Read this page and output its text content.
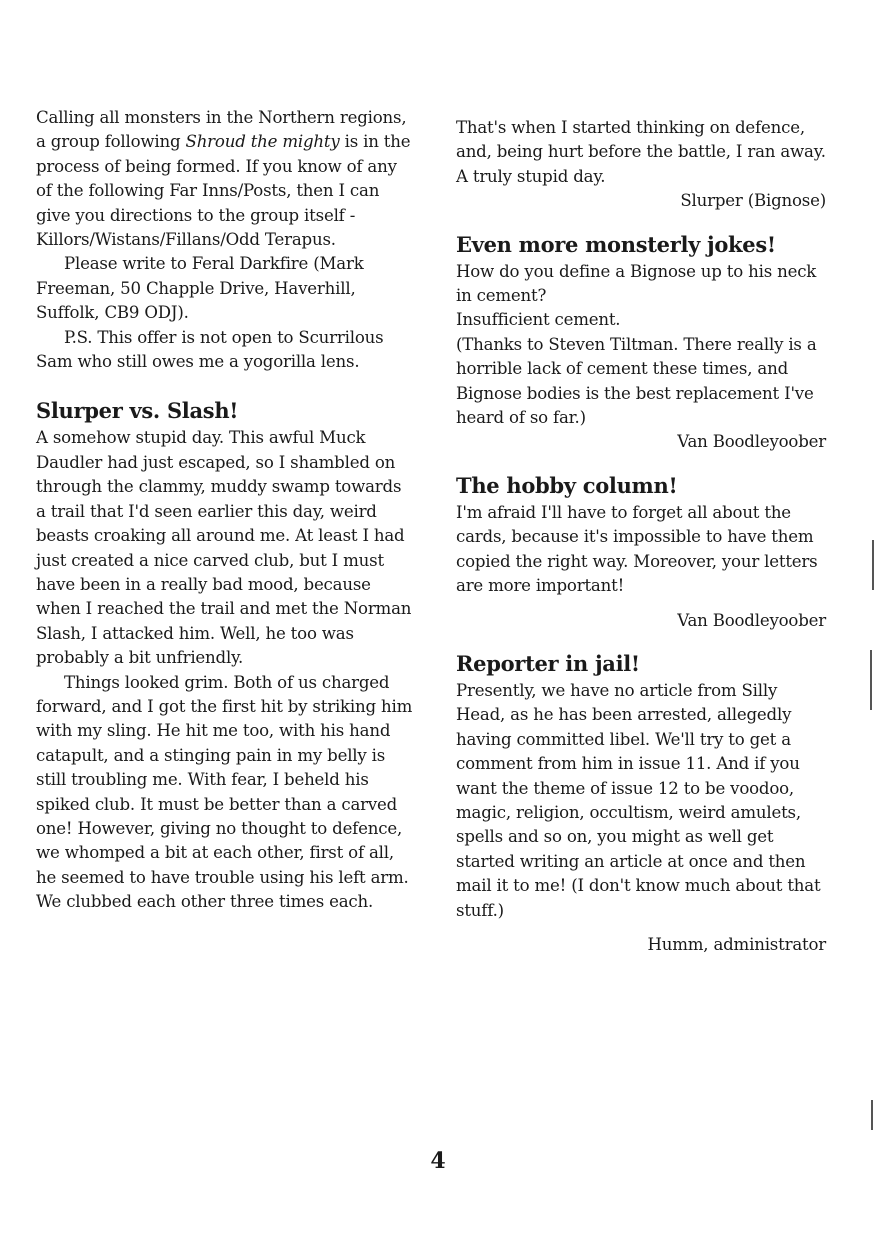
Calling all monsters in the Northern regions, a group following Shroud the mighty is in the process of being formed. If you know of any of the following Far Inns/Posts, then I can give you directions to the group itself - Killors/Wistans/Fillans/Odd Terapus.

Please write to Feral Darkfire (Mark Freeman, 50 Chapple Drive, Haverhill, Suffolk, CB9 ODJ).

P.S. This offer is not open to Scurrilous Sam who still owes me a yogorilla lens.

Slurper vs. Slash!

A somehow stupid day. This awful Muck Daudler had just escaped, so I shambled on through the clammy, muddy swamp towards a trail that I'd seen earlier this day, weird beasts croaking all around me. At least I had just created a nice carved club, but I must have been in a really bad mood, because when I reached the trail and met the Norman Slash, I attacked him. Well, he too was probably a bit unfriendly.

Things looked grim. Both of us charged forward, and I got the first hit by striking him with my sling. He hit me too, with his hand catapult, and a stinging pain in my belly is still troubling me. With fear, I beheld his spiked club. It must be better than a carved one! However, giving no thought to defence, we whomped a bit at each other, first of all, he seemed to have trouble using his left arm. We clubbed each other three times each.

That's when I started thinking on defence, and, being hurt before the battle, I ran away. A truly stupid day.

Slurper (Bignose)

Even more monsterly jokes!

How do you define a Bignose up to his neck in cement?

Insufficient cement.

(Thanks to Steven Tiltman. There really is a horrible lack of cement these times, and Bignose bodies is the best replacement I've heard of so far.)

Van Boodleyoober

The hobby column!

I'm afraid I'll have to forget all about the cards, because it's impossible to have them copied the right way. Moreover, your letters are more important!

Van Boodleyoober

Reporter in jail!

Presently, we have no article from Silly Head, as he has been arrested, allegedly having committed libel. We'll try to get a comment from him in issue 11. And if you want the theme of issue 12 to be voodoo, magic, religion, occultism, weird amulets, spells and so on, you might as well get started writing an article at once and then mail it to me! (I don't know much about that stuff.)

Humm, administrator

4
